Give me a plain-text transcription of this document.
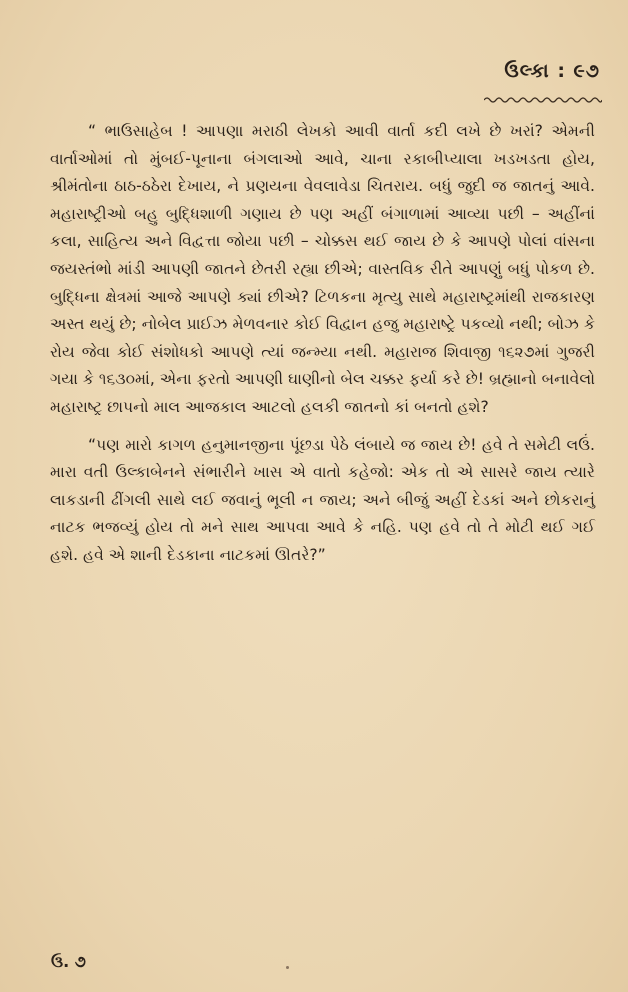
ઉલ્કા : ૯૭

“ ભાઉસાહેબ ! આપણા મરાઠી લેખકો આવી વાર્તા કદી લખે છે ખરાં? એમની વાર્તાઓમાં તો મુંબઈ-પૂનાના બંગલાઓ આવે, ચાના રકાબીપ્યાલા ખડખડતા હોય, શ્રીમંતોના ઠાઠ-ઠઠેરા દેખાય, ને પ્રણયના વેવલાવેડા ચિતરાય. બધું જુદી જ જાતનું આવે. મહારાષ્ટ્રીઓ બહુ બુદ્ધિશાળી ગણાય છે પણ અહીં બંગાળામાં આવ્યા પછી – અહીંનાં કલા, સાહિત્ય અને વિદ્વત્તા જોયા પછી – ચોક્કસ થઈ જાય છે કે આપણે પોલાં વાંસના જયસ્તંભો માંડી આપણી જાતને છેતરી રહ્યા છીએ; વાસ્તવિક રીતે આપણું બધું પોકળ છે. બુદ્ધિના ક્ષેત્રમાં આજે આપણે ક્યાં છીએ? ટિળકના મૃત્યુ સાથે મહારાષ્ટ્રમાંથી રાજકારણ અસ્ત થયું છે; નોબેલ પ્રાઈઝ મેળવનાર કોઈ વિદ્વાન હજુ મહારાષ્ટ્રે પકવ્યો નથી; બોઝ કે રોય જેવા કોઈ સંશોધકો આપણે ત્યાં જન્મ્યા નથી. મહારાજ શિવાજી ૧૬૨૭માં ગુજરી ગયા કે ૧૬૩૦માં, એના ફરતો આપણી ઘાણીનો બેલ ચક્કર ફર્યા કરે છે! બ્રહ્માનો બનાવેલો મહારાષ્ટ્ર છાપનો માલ આજકાલ આટલો હલકી જાતનો કાં બનતો હશે?

“પણ મારો કાગળ હનુમાનજીના પૂંછડા પેઠે લંબાયે જ જાય છે! હવે તે સમેટી લઉં. મારા વતી ઉલ્કાબેનને સંભારીને ખાસ એ વાતો કહેજો: એક તો એ સાસરે જાય ત્યારે લાકડાની ઢીંગલી સાથે લઈ જવાનું ભૂલી ન જાય; અને બીજું અહીં દેડકાં અને છોકરાનું નાટક ભજવ્યું હોય તો મને સાથ આપવા આવે કે નહિ. પણ હવે તો તે મોટી થઈ ગઈ હશે. હવે એ શાની દેડકાના નાટકમાં ઊતરે?”

ઉ. ૭
